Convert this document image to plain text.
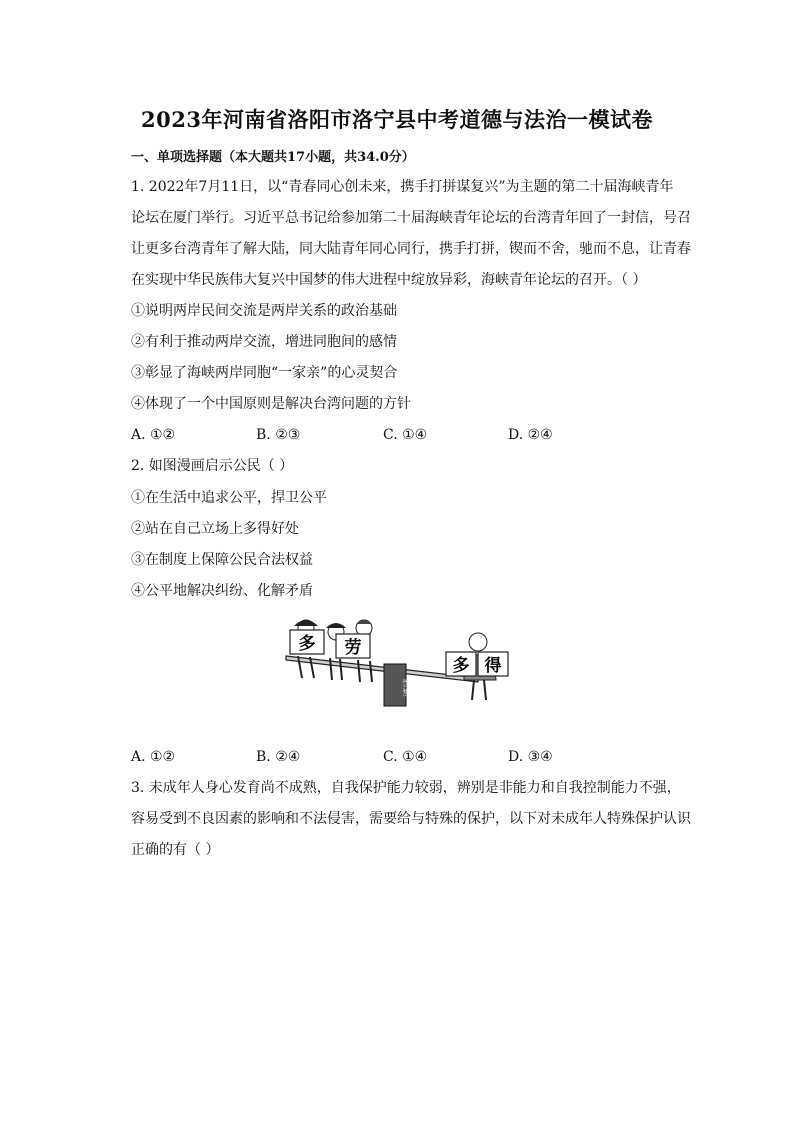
2023年河南省洛阳市洛宁县中考道德与法治一模试卷
一、单项选择题（本大题共17小题，共34.0分）
1. 2022年7月11日，以“青春同心创未来，携手打拼谋复兴”为主题的第二十届海峡青年
论坛在厦门举行。习近平总书记给参加第二十届海峡青年论坛的台湾青年回了一封信，号召
让更多台湾青年了解大陆，同大陆青年同心同行，携手打拼，锲而不舍，驰而不息，让青春
在实现中华民族伟大复兴中国梦的伟大进程中绽放异彩，海峡青年论坛的召开。（ ）
①说明两岸民间交流是两岸关系的政治基础
②有利于推动两岸交流，增进同胞间的感情
③彰显了海峡两岸同胞“一家亲”的心灵契合
④体现了一个中国原则是解决台湾问题的方针
A. ①②	B. ②③	C. ①④	D. ②④
2. 如图漫画启示公民（ ）
①在生活中追求公平，捍卫公平
②站在自己立场上多得好处
③在制度上保障公民合法权益
④公平地解决纠纷、化解矛盾
分配方案
多 劳
多 得
A. ①②	B. ②④	C. ①④	D. ③④
3. 未成年人身心发育尚不成熟，自我保护能力较弱，辨别是非能力和自我控制能力不强，
容易受到不良因素的影响和不法侵害，需要给与特殊的保护，以下对未成年人特殊保护认识
正确的有（ ）
